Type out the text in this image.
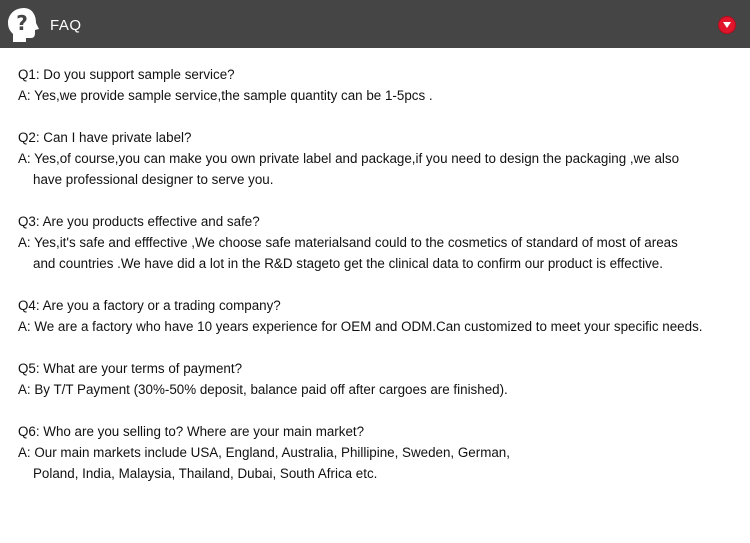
? FAQ
Q1: Do you support sample service?
A: Yes,we provide sample service,the sample quantity can be 1-5pcs .
Q2: Can I have private label?
A: Yes,of course,you can make you own private label and package,if you need to design the packaging ,we also
have professional designer to serve you.
Q3: Are you products effective and safe?
A: Yes,it's safe and efffective ,We choose safe materialsand could to the cosmetics of standard of most of areas
and countries .We have did a lot in the R&D stageto get the clinical data to confirm our product is effective.
Q4: Are you a factory or a trading company?
A: We are a factory who have 10 years experience for OEM and ODM.Can customized to meet your specific needs.
Q5: What are your terms of payment?
A: By T/T Payment (30%-50% deposit, balance paid off after cargoes are finished).
Q6: Who are you selling to? Where are your main market?
A: Our main markets include USA, England, Australia, Phillipine, Sweden, German,
Poland, India, Malaysia, Thailand, Dubai, South Africa etc.
